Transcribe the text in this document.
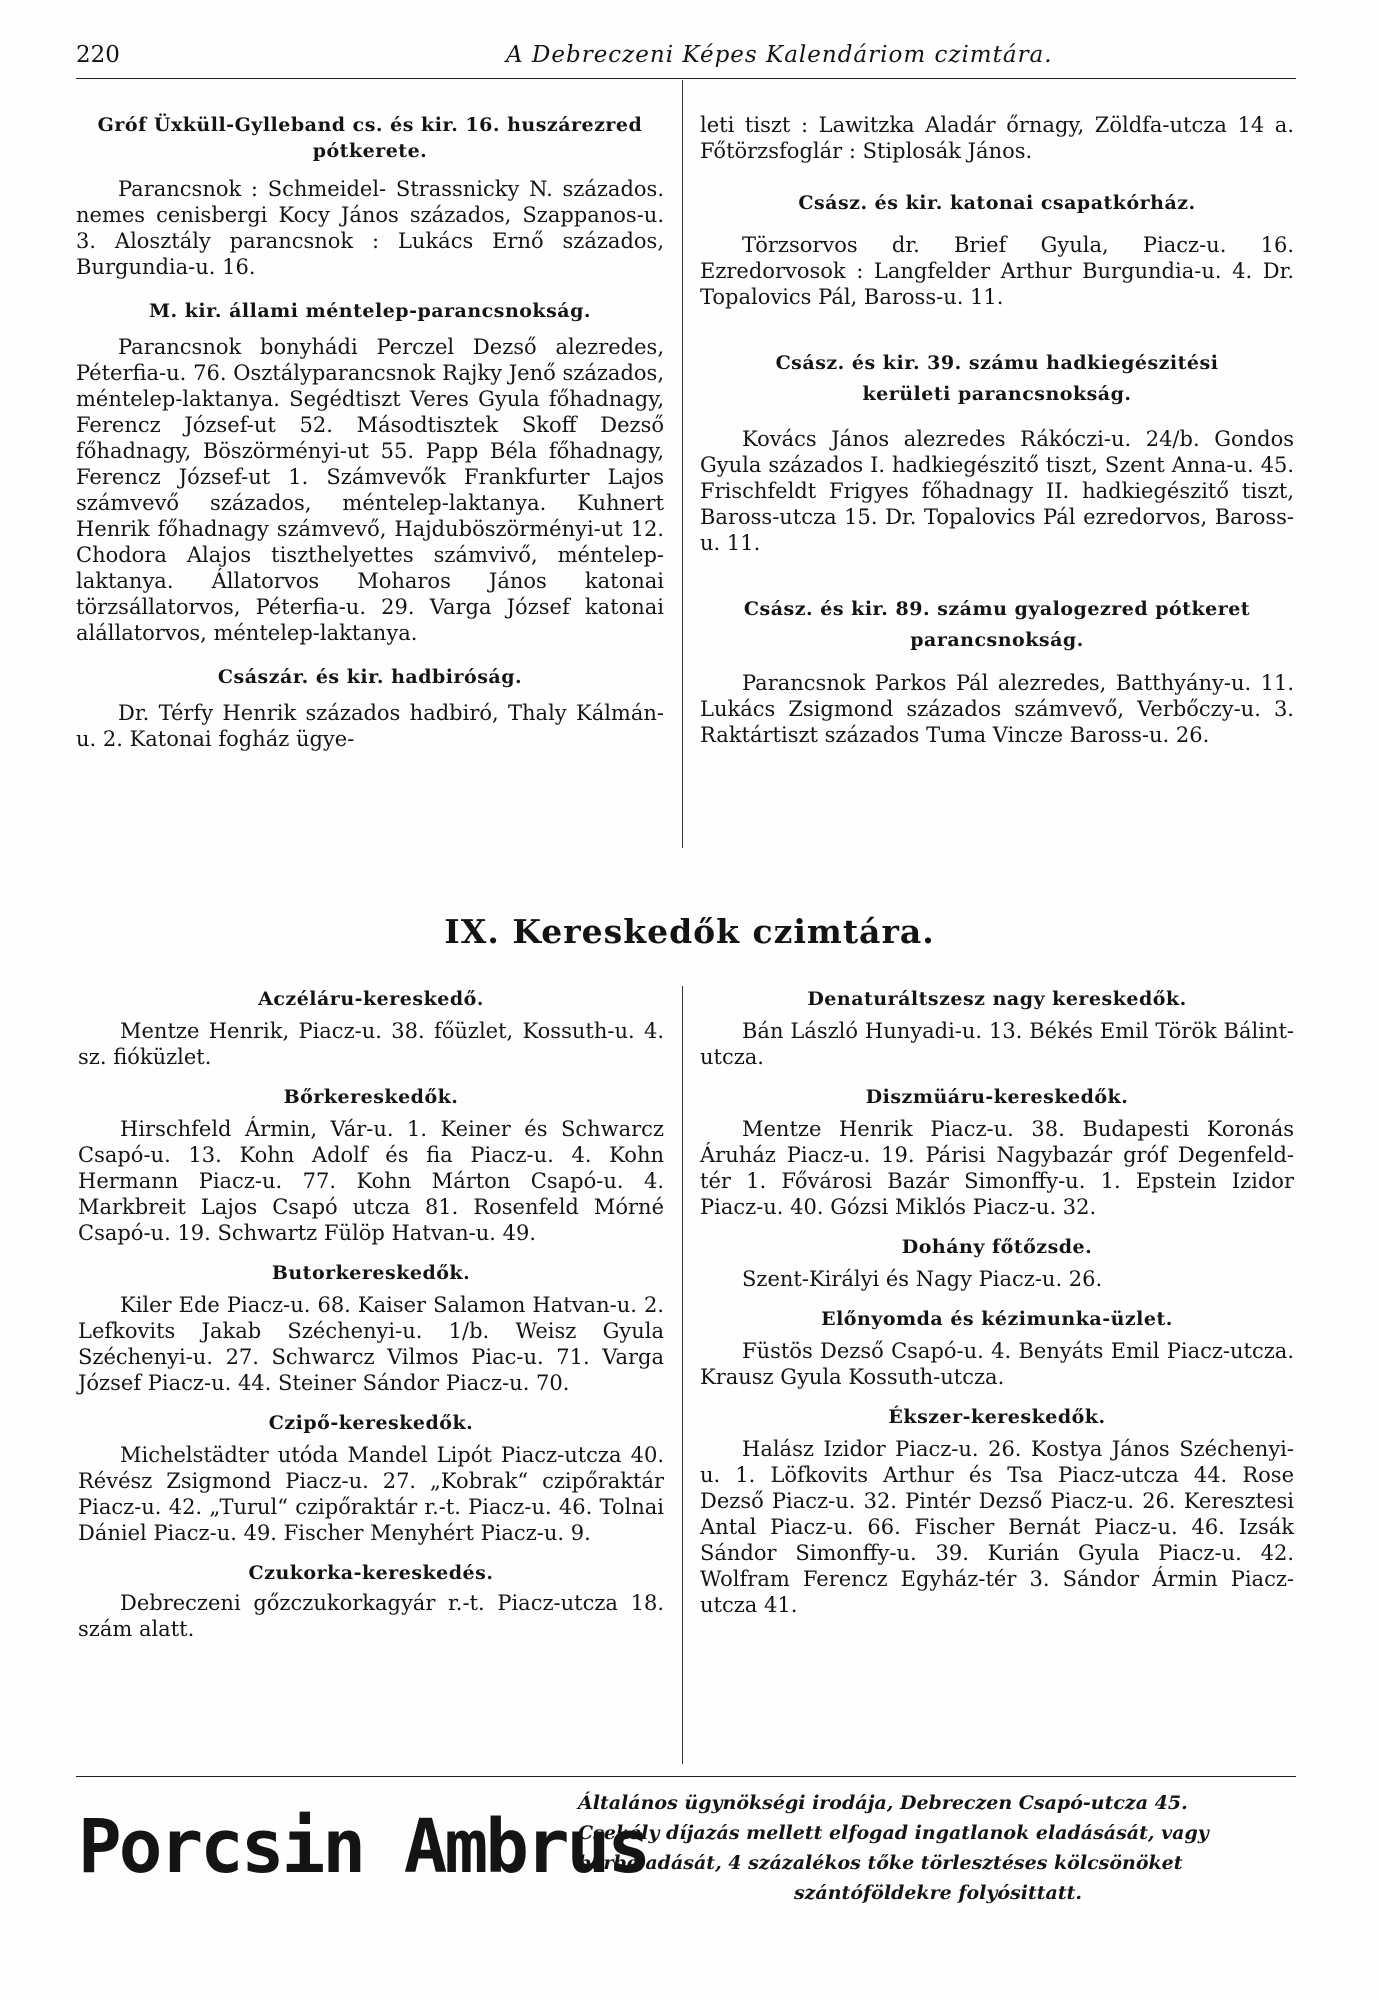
220	A Debreczeni Képes Kalendáriom czimtára.
Gróf Üxküll-Gylleband cs. és kir. 16. huszárezred pótkerete.

Parancsnok : Schmeidel- Strassnicky N. százados. nemes cenisbergi Kocy János százados, Szappanos-u. 3. Alosztály parancsnok : Lukács Ernő százados, Burgundia-u. 16.

M. kir. állami méntelep-parancsnokság.

Parancsnok bonyhádi Perczel Dezső alezredes, Péterfia-u. 76. Osztályparancsnok Rajky Jenő százados, méntelep-laktanya. Segédtiszt Veres Gyula főhadnagy, Ferencz József-ut 52. Másodtisztek Skoff Dezső főhadnagy, Böszörményi-ut 55. Papp Béla főhadnagy, Ferencz József-ut 1. Számvevők Frankfurter Lajos számvevő százados, méntelep-laktanya. Kuhnert Henrik főhadnagy számvevő, Hajduböszörményi-ut 12. Chodora Alajos tiszthelyettes számvivő, méntelep-laktanya. Állatorvos Moharos János katonai törzsállatorvos, Péterfia-u. 29. Varga József katonai alállatorvos, méntelep-laktanya.

Császár. és kir. hadbiróság.

Dr. Térfy Henrik százados hadbiró, Thaly Kálmán-u. 2. Katonai fogház ügye-

leti tiszt : Lawitzka Aladár őrnagy, Zöldfa-utcza 14 a. Főtörzsfoglár : Stiplosák János.

Csász. és kir. katonai csapatkórház.

Törzsorvos dr. Brief Gyula, Piacz-u. 16. Ezredorvosok : Langfelder Arthur Burgundia-u. 4. Dr. Topalovics Pál, Baross-u. 11.

Csász. és kir. 39. számu hadkiegészitési kerületi parancsnokság.

Kovács János alezredes Rákóczi-u. 24/b. Gondos Gyula százados I. hadkiegészitő tiszt, Szent Anna-u. 45. Frischfeldt Frigyes főhadnagy II. hadkiegészitő tiszt, Baross-utcza 15. Dr. Topalovics Pál ezredorvos, Baross-u. 11.

Csász. és kir. 89. számu gyalogezred pótkeret parancsnokság.

Parancsnok Parkos Pál alezredes, Batthyány-u. 11. Lukács Zsigmond százados számvevő, Verbőczy-u. 3. Raktártiszt százados Tuma Vincze Baross-u. 26.

IX. Kereskedők czimtára.
Aczéláru-kereskedő.

Mentze Henrik, Piacz-u. 38. főüzlet, Kossuth-u. 4. sz. fióküzlet.

Bőrkereskedők.

Hirschfeld Ármin, Vár-u. 1. Keiner és Schwarcz Csapó-u. 13. Kohn Adolf és fia Piacz-u. 4. Kohn Hermann Piacz-u. 77. Kohn Márton Csapó-u. 4. Markbreit Lajos Csapó utcza 81. Rosenfeld Mórné Csapó-u. 19. Schwartz Fülöp Hatvan-u. 49.

Butorkereskedők.

Kiler Ede Piacz-u. 68. Kaiser Salamon Hatvan-u. 2. Lefkovits Jakab Széchenyi-u. 1/b. Weisz Gyula Széchenyi-u. 27. Schwarcz Vilmos Piac-u. 71. Varga József Piacz-u. 44. Steiner Sándor Piacz-u. 70.

Czipő-kereskedők.

Michelstädter utóda Mandel Lipót Piacz-utcza 40. Révész Zsigmond Piacz-u. 27. „Kobrak“ czipőraktár Piacz-u. 42. „Turul“ czipőraktár r.-t. Piacz-u. 46. Tolnai Dániel Piacz-u. 49. Fischer Menyhért Piacz-u. 9.

Czukorka-kereskedés.

Debreczeni gőzczukorkagyár r.-t. Piacz-utcza 18. szám alatt.

Denaturáltszesz nagy kereskedők.

Bán László Hunyadi-u. 13. Békés Emil Török Bálint-utcza.

Diszmüáru-kereskedők.

Mentze Henrik Piacz-u. 38. Budapesti Koronás Áruház Piacz-u. 19. Párisi Nagybazár gróf Degenfeld-tér 1. Fővárosi Bazár Simonffy-u. 1. Epstein Izidor Piacz-u. 40. Gózsi Miklós Piacz-u. 32.

Dohány főtőzsde.

Szent-Királyi és Nagy Piacz-u. 26.

Előnyomda és kézimunka-üzlet.

Füstös Dezső Csapó-u. 4. Benyáts Emil Piacz-utcza. Krausz Gyula Kossuth-utcza.

Ékszer-kereskedők.

Halász Izidor Piacz-u. 26. Kostya János Széchenyi-u. 1. Löfkovits Arthur és Tsa Piacz-utcza 44. Rose Dezső Piacz-u. 32. Pintér Dezső Piacz-u. 26. Keresztesi Antal Piacz-u. 66. Fischer Bernát Piacz-u. 46. Izsák Sándor Simonffy-u. 39. Kurián Gyula Piacz-u. 42. Wolfram Ferencz Egyház-tér 3. Sándor Ármin Piacz-utcza 41.

Porcsin Ambrus
Általános ügynökségi irodája, Debreczen Csapó-utcza 45.
Csekély díjazás mellett elfogad ingatlanok eladásását, vagy
bérbe adását, 4 százalékos tőke törlesztéses kölcsönöket
szántóföldekre folyósittatt.
